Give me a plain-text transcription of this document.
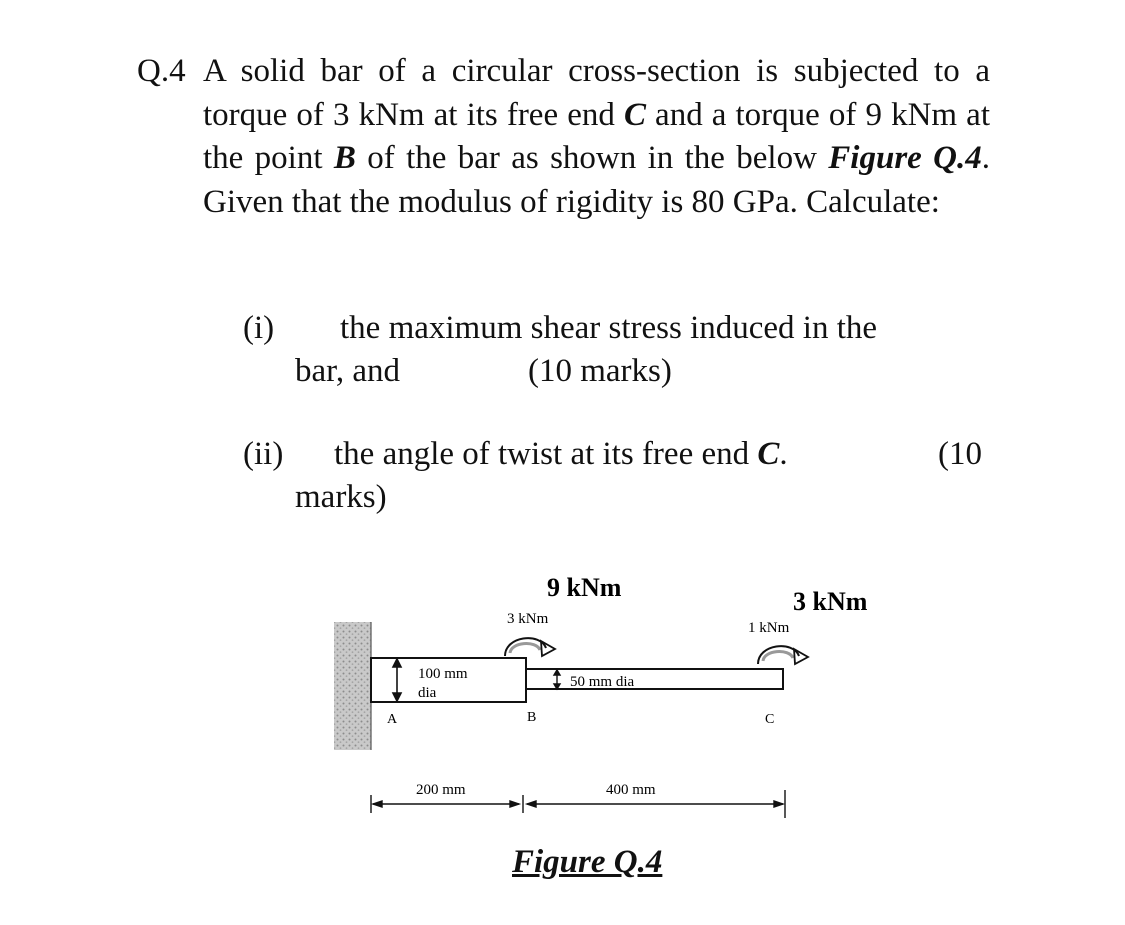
Q.4 A solid bar of a circular cross-section is subjected to a torque of 3 kNm at its free end C and a torque of 9 kNm at the point B of the bar as shown in the below Figure Q.4. Given that the modulus of rigidity is 80 GPa. Calculate:
(i) the maximum shear stress induced in the
bar, and	(10 marks)
(ii) the angle of twist at its free end C.	(10
marks)
100 mm
dia
50 mm dia
9 kNm
3 kNm
3 kNm
1 kNm
A	B	C
200 mm	400 mm
Figure Q.4
